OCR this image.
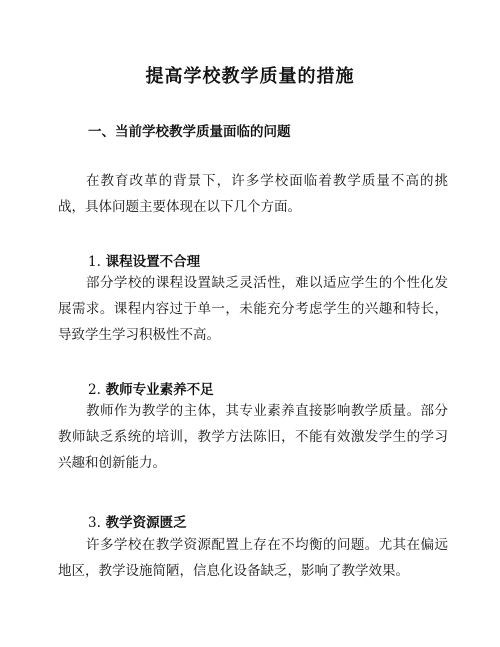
提高学校教学质量的措施
一、当前学校教学质量面临的问题

在教育改革的背景下，许多学校面临着教学质量不高的挑战，具体问题主要体现在以下几个方面。

1. 课程设置不合理

部分学校的课程设置缺乏灵活性，难以适应学生的个性化发展需求。课程内容过于单一，未能充分考虑学生的兴趣和特长，导致学生学习积极性不高。

2. 教师专业素养不足

教师作为教学的主体，其专业素养直接影响教学质量。部分教师缺乏系统的培训，教学方法陈旧，不能有效激发学生的学习兴趣和创新能力。

3. 教学资源匮乏

许多学校在教学资源配置上存在不均衡的问题。尤其在偏远地区，教学设施简陋，信息化设备缺乏，影响了教学效果。
